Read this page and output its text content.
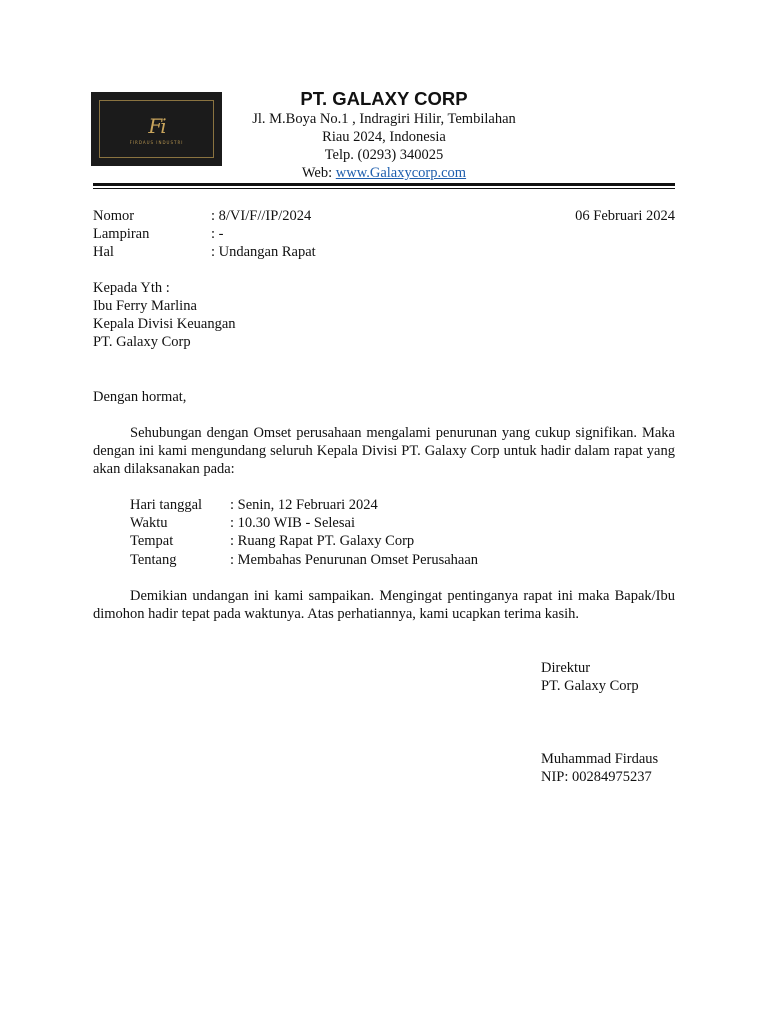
Fi
FIRDAUS INDUSTRI
PT. GALAXY CORP
Jl. M.Boya No.1 , Indragiri Hilir, Tembilahan
Riau 2024, Indonesia
Telp. (0293) 340025
Web: www.Galaxycorp.com
06 Februari 2024
Nomor	: 8/VI/F//IP/2024
Lampiran	: -
Hal	: Undangan Rapat
Kepada Yth :
Ibu Ferry Marlina
Kepala Divisi Keuangan
PT. Galaxy Corp
Dengan hormat,
Sehubungan dengan Omset perusahaan mengalami penurunan yang cukup signifikan. Maka dengan ini kami mengundang seluruh Kepala Divisi PT. Galaxy Corp untuk hadir dalam rapat yang akan dilaksanakan pada:
Hari tanggal : Senin, 12 Februari 2024
Waktu	: 10.30 WIB - Selesai
Tempat	: Ruang Rapat PT. Galaxy Corp
Tentang	: Membahas Penurunan Omset Perusahaan
Demikian undangan ini kami sampaikan. Mengingat pentinganya rapat ini maka Bapak/Ibu dimohon hadir tepat pada waktunya. Atas perhatiannya, kami ucapkan terima kasih.
Direktur
PT. Galaxy Corp
Muhammad Firdaus
NIP: 00284975237
